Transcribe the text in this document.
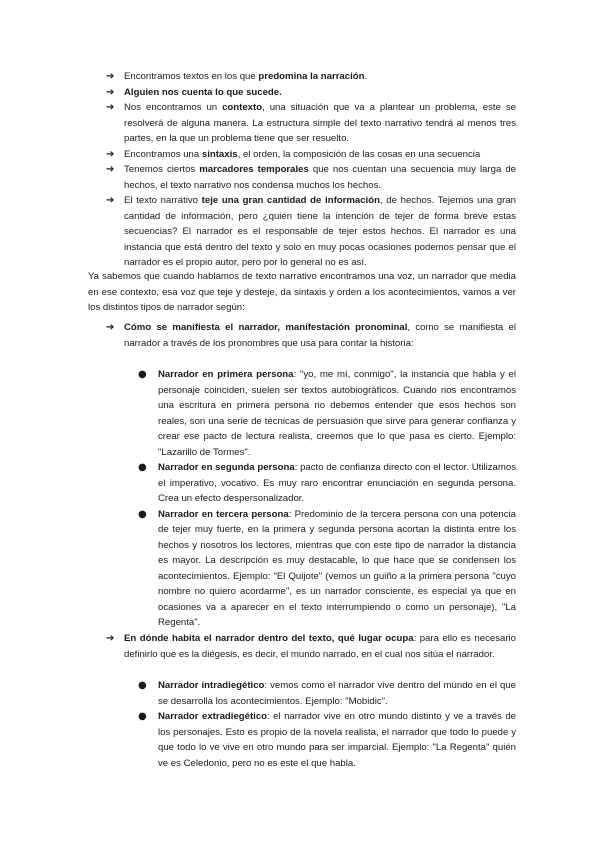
➔ Encontramos textos en los que predomina la narración.
➔ Alguien nos cuenta lo que sucede.
➔ Nos encontramos un contexto, una situación que va a plantear un problema, este se resolverá de alguna manera. La estructura simple del texto narrativo tendrá al menos tres partes, en la que un problema tiene que ser resuelto.
➔ Encontramos una sintaxis, el orden, la composición de las cosas en una secuencia
➔ Tenemos ciertos marcadores temporales que nos cuentan una secuencia muy larga de hechos, el texto narrativo nos condensa muchos los hechos.
➔ El texto narrativo teje una gran cantidad de información, de hechos. Tejemos una gran cantidad de información, pero ¿quién tiene la intención de tejer de forma breve estas secuencias? El narrador es el responsable de tejer estos hechos. El narrador es una instancia que está dentro del texto y solo en muy pocas ocasiones podemos pensar que el narrador es el propio autor, pero por lo general no es así.

Ya sabemos que cuando hablamos de texto narrativo encontramos una voz, un narrador que media en ese contexto, esa voz que teje y desteje, da sintaxis y orden a los acontecimientos, vamos a ver los distintos tipos de narrador según:

➔ Cómo se manifiesta el narrador, manifestación pronominal, como se manifiesta el narrador a través de los pronombres que usa para contar la historia:
● Narrador en primera persona: "yo, me mí, conmigo", la instancia que habla y el personaje coinciden, suelen ser textos autobiográficos. Cuando nos encontramos una escritura en primera persona no debemos entender que esos hechos son reales, son una serie de técnicas de persuasión que sirve para generar confianza y crear ese pacto de lectura realista, creemos que lo que pasa es cierto. Ejemplo: "Lazarillo de Tormes".
● Narrador en segunda persona: pacto de confianza directo con el lector. Utilizamos el imperativo, vocativo. Es muy raro encontrar enunciación en segunda persona. Crea un efecto despersonalizador.
● Narrador en tercera persona: Predominio de la tercera persona con una potencia de tejer muy fuerte, en la primera y segunda persona acortan la distinta entre los hechos y nosotros los lectores, mientras que con este tipo de narrador la distancia es mayor. La descripción es muy destacable, lo que hace que se condensen los acontecimientos. Ejemplo: "El Quijote" (vemos un guiño a la primera persona "cuyo nombre no quiero acordarme", es un narrador consciente, es especial ya que en ocasiones va a aparecer en el texto interrumpiendo o como un personaje), "La Regenta".
➔ En dónde habita el narrador dentro del texto, qué lugar ocupa: para ello es necesario definirlo que es la diégesis, es decir, el mundo narrado, en el cual nos sitúa el narrador.
● Narrador intradiegético: vemos como el narrador vive dentro del mundo en el que se desarrolla los acontecimientos. Ejemplo: "Mobidic".
● Narrador extradiegético: el narrador vive en otro mundo distinto y ve a través de los personajes. Esto es propio de la novela realista, el narrador que todo lo puede y que todo lo ve vive en otro mundo para ser imparcial. Ejemplo: "La Regenta" quién ve es Celedonio, pero no es este el que habla.
